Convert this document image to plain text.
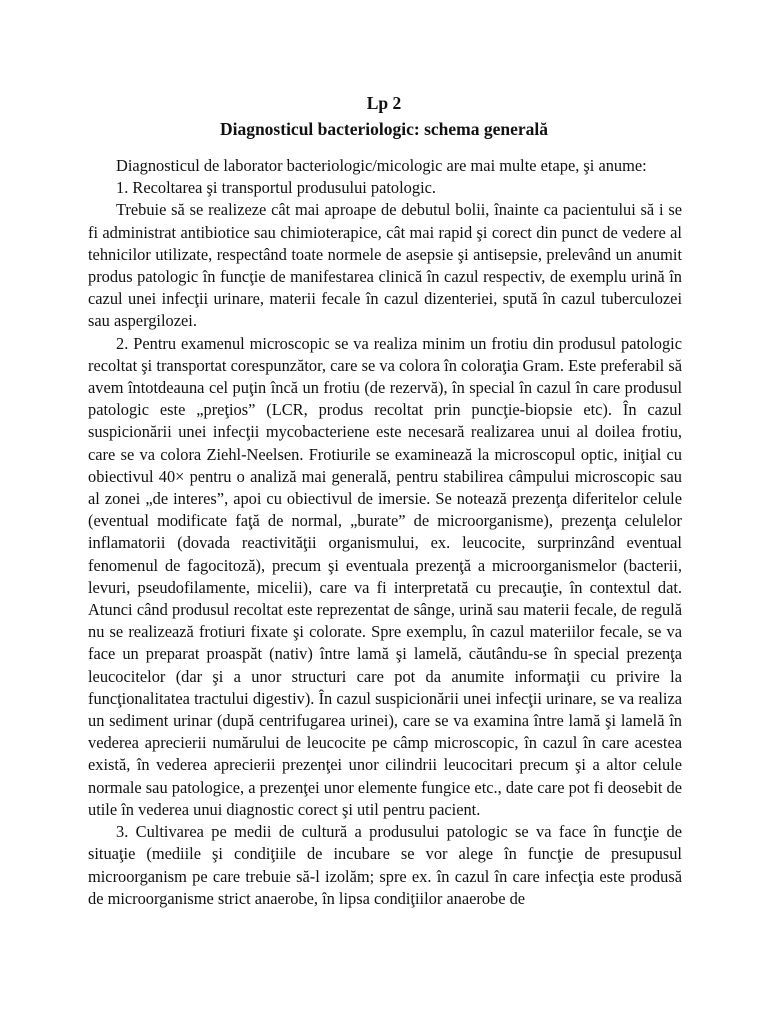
Lp 2
Diagnosticul bacteriologic: schema generală

Diagnosticul de laborator bacteriologic/micologic are mai multe etape, şi anume:

1. Recoltarea şi transportul produsului patologic.

Trebuie să se realizeze cât mai aproape de debutul bolii, înainte ca pacientului să i se fi administrat antibiotice sau chimioterapice, cât mai rapid şi corect din punct de vedere al tehnicilor utilizate, respectând toate normele de asepsie şi antisepsie, prelevând un anumit produs patologic în funcţie de manifestarea clinică în cazul respectiv, de exemplu urină în cazul unei infecţii urinare, materii fecale în cazul dizenteriei, spută în cazul tuberculozei sau aspergilozei.

2. Pentru examenul microscopic se va realiza minim un frotiu din produsul patologic recoltat şi transportat corespunzător, care se va colora în coloraţia Gram. Este preferabil să avem întotdeauna cel puţin încă un frotiu (de rezervă), în special în cazul în care produsul patologic este „preţios” (LCR, produs recoltat prin puncţie-biopsie etc). În cazul suspicionării unei infecţii mycobacteriene este necesară realizarea unui al doilea frotiu, care se va colora Ziehl-Neelsen. Frotiurile se examinează la microscopul optic, iniţial cu obiectivul 40× pentru o analiză mai generală, pentru stabilirea câmpului microscopic sau al zonei „de interes”, apoi cu obiectivul de imersie. Se notează prezenţa diferitelor celule (eventual modificate faţă de normal, „burate” de microorganisme), prezenţa celulelor inflamatorii (dovada reactivităţii organismului, ex. leucocite, surprinzând eventual fenomenul de fagocitoză), precum şi eventuala prezenţă a microorganismelor (bacterii, levuri, pseudofilamente, micelii), care va fi interpretată cu precauţie, în contextul dat. Atunci când produsul recoltat este reprezentat de sânge, urină sau materii fecale, de regulă nu se realizează frotiuri fixate şi colorate. Spre exemplu, în cazul materiilor fecale, se va face un preparat proaspăt (nativ) între lamă şi lamelă, căutându-se în special prezenţa leucocitelor (dar şi a unor structuri care pot da anumite informaţii cu privire la funcţionalitatea tractului digestiv). În cazul suspicionării unei infecţii urinare, se va realiza un sediment urinar (după centrifugarea urinei), care se va examina între lamă şi lamelă în vederea aprecierii numărului de leucocite pe câmp microscopic, în cazul în care acestea există, în vederea aprecierii prezenţei unor cilindrii leucocitari precum şi a altor celule normale sau patologice, a prezenţei unor elemente fungice etc., date care pot fi deosebit de utile în vederea unui diagnostic corect şi util pentru pacient.

3. Cultivarea pe medii de cultură a produsului patologic se va face în funcţie de situaţie (mediile şi condiţiile de incubare se vor alege în funcţie de presupusul microorganism pe care trebuie să-l izolăm; spre ex. în cazul în care infecţia este produsă de microorganisme strict anaerobe, în lipsa condiţiilor anaerobe de
